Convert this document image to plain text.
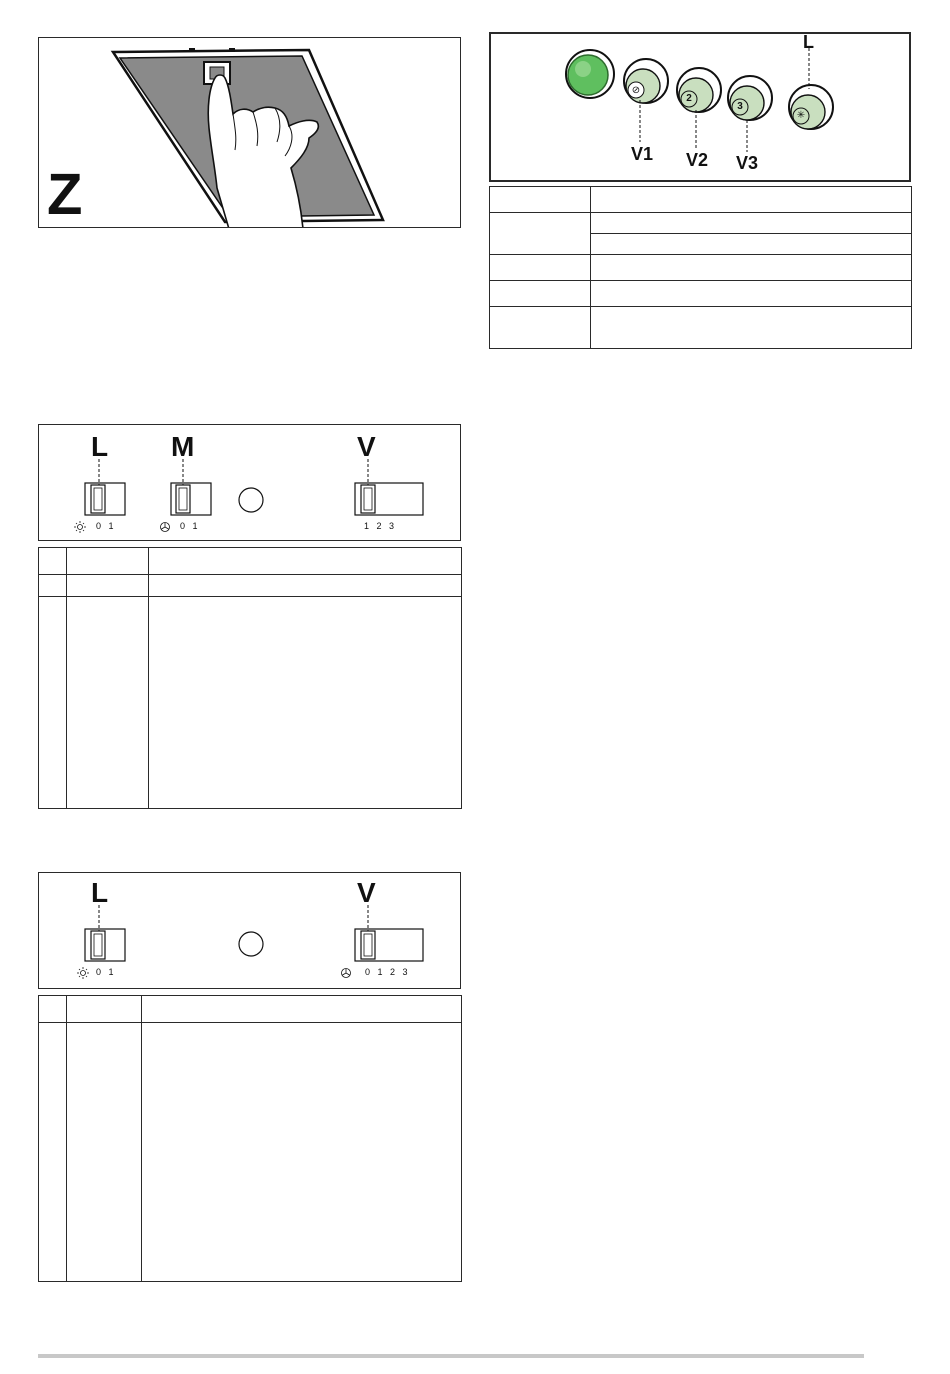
Z
⊘
2
3
✳
L
V1 V2 V3

L M	V
0   1	0   1	1   2   3

L	V
0   1	0   1   2   3
